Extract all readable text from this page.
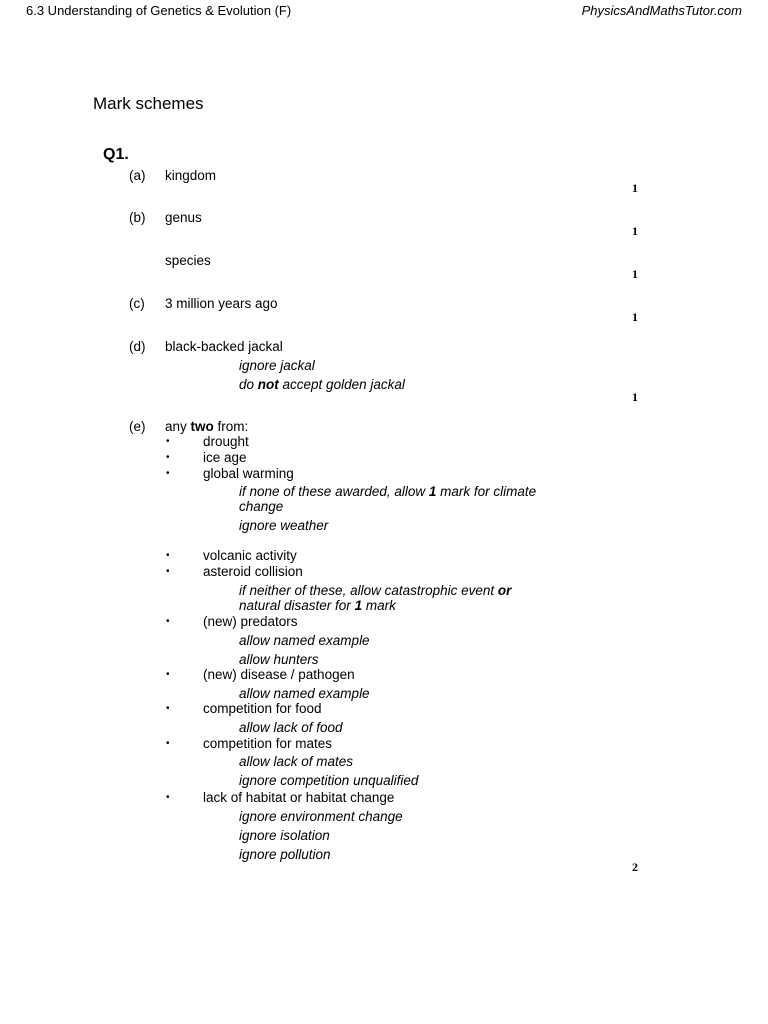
6.3 Understanding of Genetics & Evolution (F)	PhysicsAndMathsTutor.com
Mark schemes
Q1.
(a) kingdom
1
(b) genus
1
species
1
(c) 3 million years ago
1
(d) black-backed jackal
ignore jackal
do not accept golden jackal
1
(e) any two from:
• drought
• ice age
• global warming
if none of these awarded, allow 1 mark for climate
change
ignore weather
• volcanic activity
• asteroid collision
if neither of these, allow catastrophic event or
natural disaster for 1 mark
• (new) predators
allow named example
allow hunters
• (new) disease / pathogen
allow named example
• competition for food
allow lack of food
• competition for mates
allow lack of mates
ignore competition unqualified
• lack of habitat or habitat change
ignore environment change
ignore isolation
ignore pollution
2
